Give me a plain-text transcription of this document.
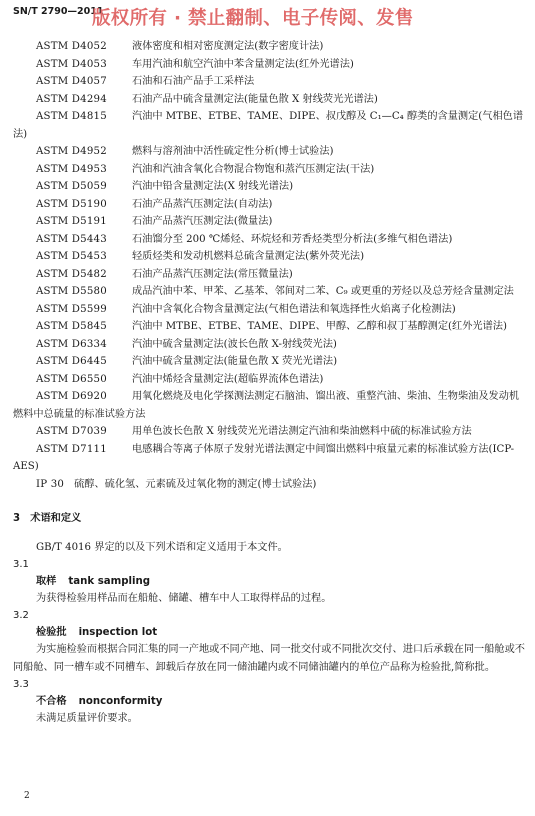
SN/T 2790—2011
版权所有 · 禁止翻制、电子传阅、发售
ASTM D4052	液体密度和相对密度测定法(数字密度计法)
ASTM D4053	车用汽油和航空汽油中苯含量测定法(红外光谱法)
ASTM D4057	石油和石油产品手工采样法
ASTM D4294	石油产品中硫含量测定法(能量色散 X 射线荧光光谱法)
ASTM D4815 汽油中 MTBE、ETBE、TAME、DIPE、叔戊醇及 C₁—C₄ 醇类的含量测定(气相色谱法)
ASTM D4952	燃料与溶剂油中活性硫定性分析(博士试验法)
ASTM D4953	汽油和汽油含氧化合物混合物饱和蒸汽压测定法(干法)
ASTM D5059	汽油中铅含量测定法(X 射线光谱法)
ASTM D5190	石油产品蒸汽压测定法(自动法)
ASTM D5191	石油产品蒸汽压测定法(微量法)
ASTM D5443	石油馏分至 200 ℃烯烃、环烷烃和芳香烃类型分析法(多维气相色谱法)
ASTM D5453	轻质烃类和发动机燃料总硫含量测定法(紫外荧光法)
ASTM D5482	石油产品蒸汽压测定法(常压微量法)
ASTM D5580 成品汽油中苯、甲苯、乙基苯、邻间对二苯、C₉ 或更重的芳烃以及总芳烃含量测定法
ASTM D5599	汽油中含氧化合物含量测定法(气相色谱法和氧选择性火焰离子化检测法)
ASTM D5845	汽油中 MTBE、ETBE、TAME、DIPE、甲醇、乙醇和叔丁基醇测定(红外光谱法)
ASTM D6334	汽油中硫含量测定法(波长色散 X-射线荧光法)
ASTM D6445	汽油中硫含量测定法(能量色散 X 荧光光谱法)
ASTM D6550	汽油中烯烃含量测定法(超临界流体色谱法)
ASTM D6920 用氧化燃烧及电化学探测法测定石脑油、馏出液、重整汽油、柴油、生物柴油及发动机燃料中总硫量的标准试验方法
ASTM D7039	用单色波长色散 X 射线荧光光谱法测定汽油和柴油燃料中硫的标准试验方法
ASTM D7111 电感耦合等离子体原子发射光谱法测定中间馏出燃料中痕量元素的标准试验方法(ICP-AES)
IP 30 硫醇、硫化氢、元素硫及过氧化物的测定(博士试验法)
3　术语和定义
GB/T 4016 界定的以及下列术语和定义适用于本文件。
3.1
取样 tank sampling
为获得检验用样品而在船舱、储罐、槽车中人工取得样品的过程。
3.2
检验批 inspection lot
为实施检验而根据合同汇集的同一产地或不同产地、同一批交付或不同批次交付、进口后承载在同一船舱或不同船舱、同一槽车或不同槽车、卸载后存放在同一储油罐内或不同储油罐内的单位产品称为检验批,简称批。
3.3
不合格 nonconformity
未满足质量评价要求。
2
